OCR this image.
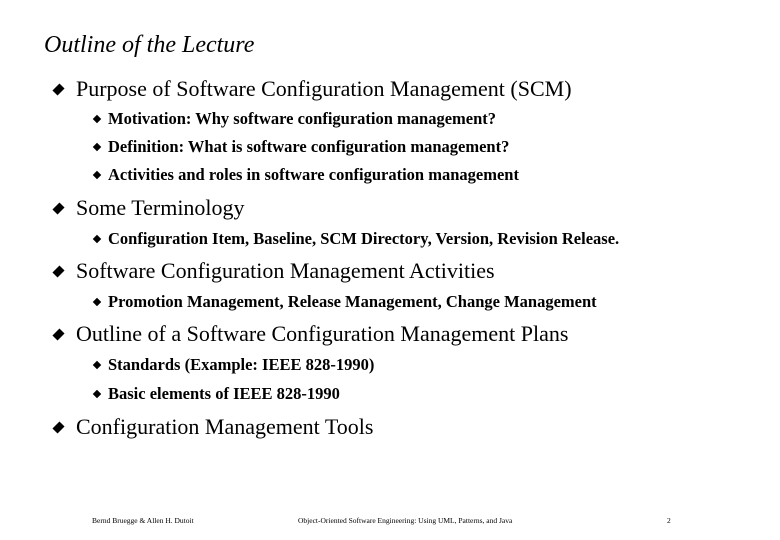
Outline of the Lecture
Purpose of Software Configuration Management (SCM)
Motivation: Why software configuration management?
Definition: What is software configuration management?
Activities and roles in software configuration management
Some Terminology
Configuration Item, Baseline, SCM Directory, Version, Revision Release.
Software Configuration Management Activities
Promotion Management, Release Management, Change Management
Outline of a Software Configuration Management Plans
Standards (Example: IEEE 828-1990)
Basic elements of IEEE 828-1990
Configuration Management Tools
Bernd Bruegge & Allen H. Dutoit	Object-Oriented Software Engineering: Using UML, Patterns, and Java	2
